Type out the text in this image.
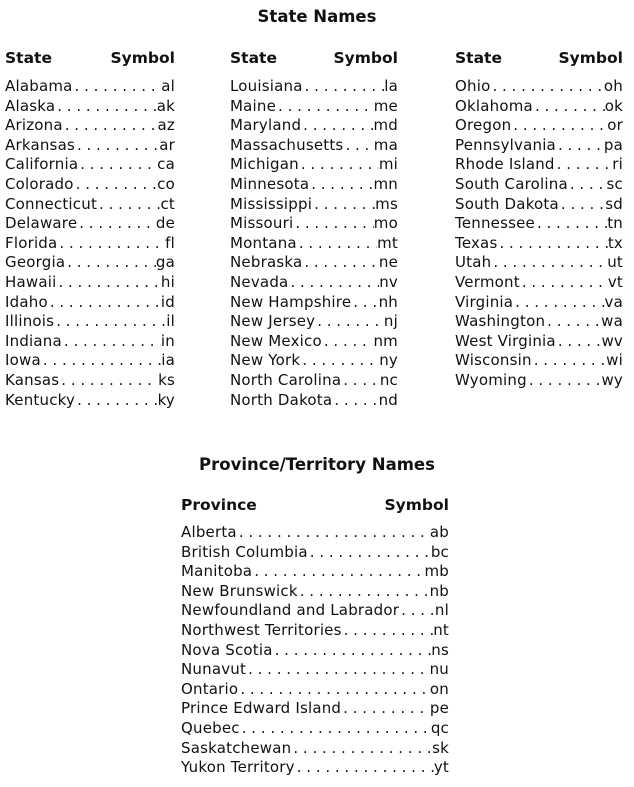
State Names
State	Symbol
Alabama . . .	al
Alaska . . .	ak
Arizona . . .	az
Arkansas . . .	ar
California . . .	ca
Colorado . . .	co
Connecticut . . .	ct
Delaware . . .	de
Florida . . .	fl
Georgia . . .	ga
Hawaii . . .	hi
Idaho . . .	id
Illinois . . .	il
Indiana . . .	in
Iowa . . .	ia
Kansas . . .	ks
Kentucky . . .	ky
State	Symbol
Louisiana . . .	la
Maine . . .	me
Maryland . . .	md
Massachusetts . . . ma
Michigan . . .	mi
Minnesota . . .	mn
Mississippi . . .	ms
Missouri . . .	mo
Montana . . .	mt
Nebraska . . .	ne
Nevada . . .	nv
New Hampshire . . . nh
New Jersey . . .	nj
New Mexico . . .	nm
New York . . .	ny
North Carolina . . .	nc
North Dakota . . .	nd
State	Symbol
Ohio . . .	oh
Oklahoma . . .	ok
Oregon . . .	or
Pennsylvania . . .	pa
Rhode Island . . .	ri
South Carolina . . .	sc
South Dakota . . .	sd
Tennessee . . .	tn
Texas . . .	tx
Utah . . .	ut
Vermont . . .	vt
Virginia . . .	va
Washington . . .	wa
West Virginia . . .	wv
Wisconsin . . .	wi
Wyoming . . .	wy
Province/Territory Names
Province	Symbol
Alberta . . .	ab
British Columbia . . .	bc
Manitoba . . .	mb
New Brunswick . . .	nb
Newfoundland and Labrador . . . nl
Northwest Territories . . .	nt
Nova Scotia . . .	ns
Nunavut . . .	nu
Ontario . . .	on
Prince Edward Island . . .	pe
Quebec . . .	qc
Saskatchewan . . .	sk
Yukon Territory . . .	yt
